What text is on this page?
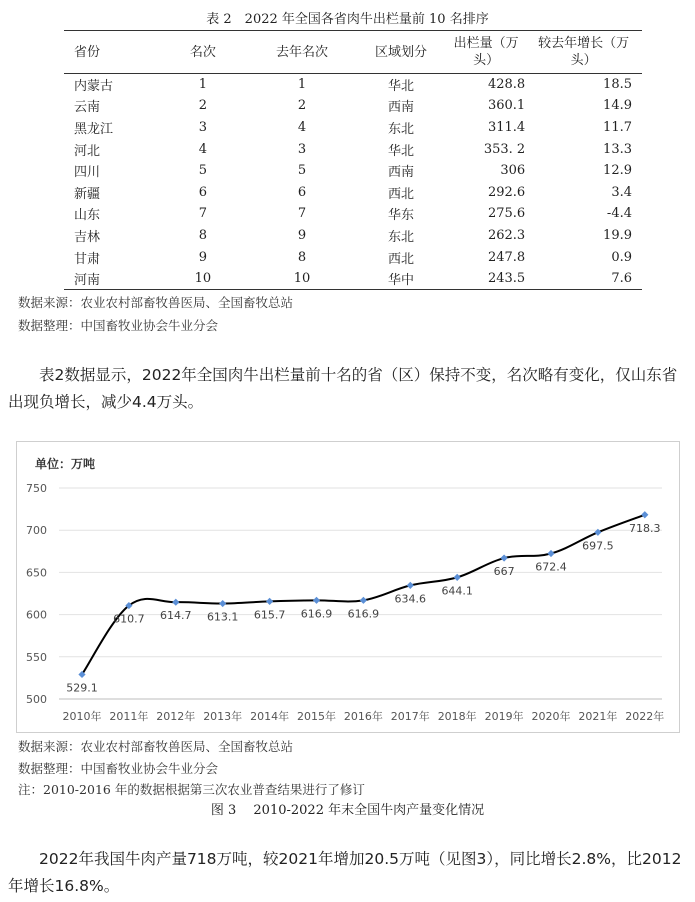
表 2　2022 年全国各省肉牛出栏量前 10 名排序
省份	名次	去年名次	区域划分	出栏量（万头）	较去年增长（万头）
内蒙古	1	1	华北	428.8	18.5
云南	2	2	西南	360.1	14.9
黑龙江	3	4	东北	311.4	11.7
河北	4	3	华北	353. 2	13.3
四川	5	5	西南	306	12.9
新疆	6	6	西北	292.6	3.4
山东	7	7	华东	275.6	-4.4
吉林	8	9	东北	262.3	19.9
甘肃	9	8	西北	247.8	0.9
河南	10	10	华中	243.5	7.6
数据来源：农业农村部畜牧兽医局、全国畜牧总站
数据整理：中国畜牧业协会牛业分会
表2数据显示，2022年全国肉牛出栏量前十名的省（区）保持不变，名次略有变化，仅山东省出现负增长，减少4.4万头。
单位：万吨
500
550
600
650
700
750
2010年 2011年 2012年 2013年 2014年 2015年 2016年 2017年 2018年 2019年 2020年 2021年 2022年
529.1
610.7 614.7 613.1 615.7 616.9 616.9
634.6
644.1
667 672.4
697.5
718.3
数据来源：农业农村部畜牧兽医局、全国畜牧总站
数据整理：中国畜牧业协会牛业分会
注：2010-2016 年的数据根据第三次农业普查结果进行了修订
图 3　 2010-2022 年末全国牛肉产量变化情况
2022年我国牛肉产量718万吨，较2021年增加20.5万吨（见图3），同比增长2.8%，比2012年增长16.8%。
